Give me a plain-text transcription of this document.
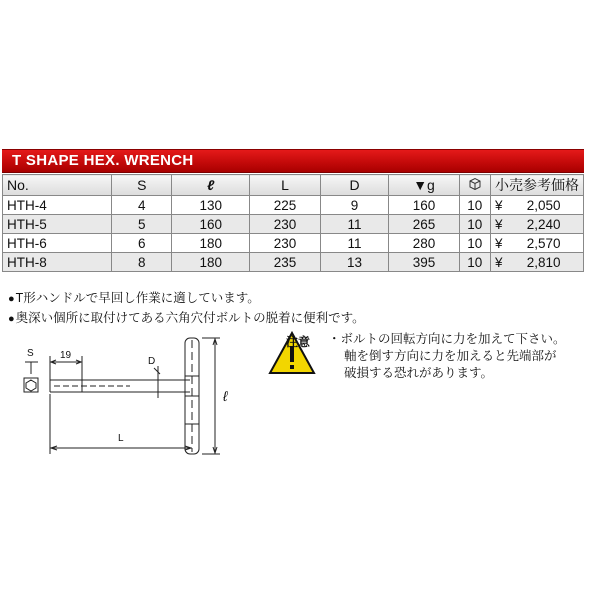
T SHAPE HEX. WRENCH
No.	S	ℓ	L	D	▼g		小売参考価格
HTH-4	4	130	225	9	160	10	¥ 2,050
HTH-5	5	160	230	11	265	10	¥ 2,240
HTH-6	6	180	230	11	280	10	¥ 2,570
HTH-8	8	180	235	13	395	10	¥ 2,810
●T形ハンドルで早回し作業に適しています。
●奥深い個所に取付けてある六角穴付ボルトの脱着に便利です。
S	19
D
ℓ
L
注意 ・ボルトの回転方向に力を加えて下さい。
軸を倒す方向に力を加えると先端部が
破損する恐れがあります。
